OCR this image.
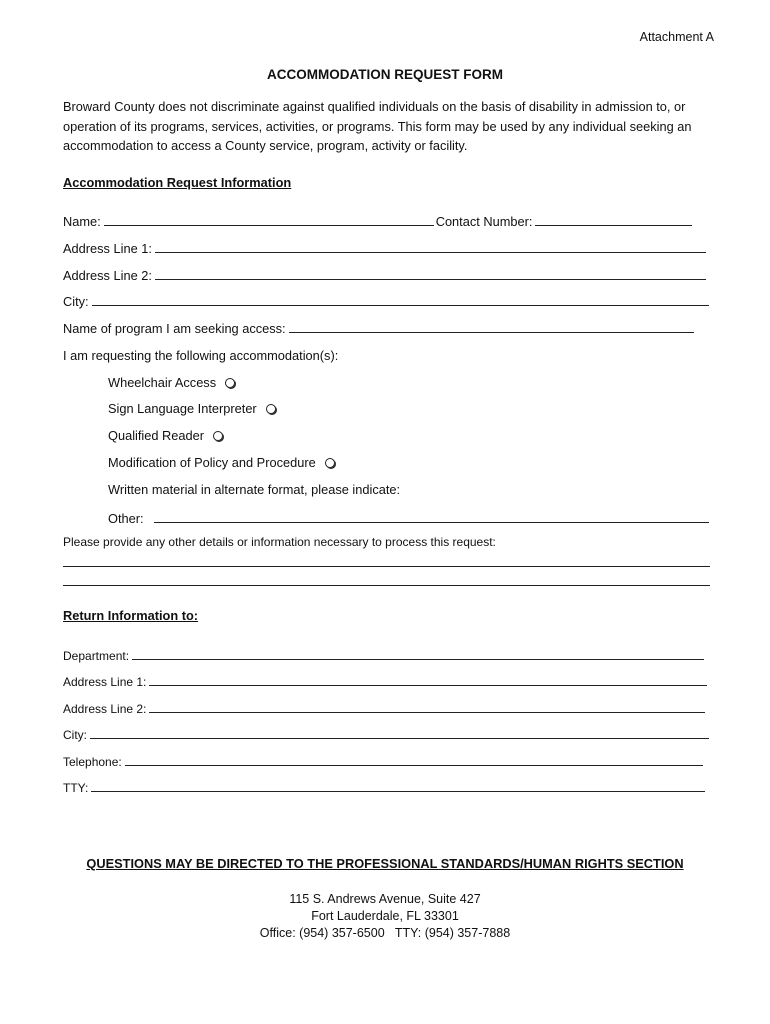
Attachment A
ACCOMMODATION REQUEST FORM
Broward County does not discriminate against qualified individuals on the basis of disability in admission to, or operation of its programs, services, activities, or programs. This form may be used by any individual seeking an accommodation to access a County service, program, activity or facility.
Accommodation Request Information
Name:	Contact Number:
Address Line 1:
Address Line 2:
City:
Name of program I am seeking access:
I am requesting the following accommodation(s):
Wheelchair Access
Sign Language Interpreter
Qualified Reader
Modification of Policy and Procedure
Written material in alternate format, please indicate:
Other:
Please provide any other details or information necessary to process this request:
Return Information to:
Department:
Address Line 1:
Address Line 2:
City:
Telephone:
TTY:
QUESTIONS MAY BE DIRECTED TO THE PROFESSIONAL STANDARDS/HUMAN RIGHTS SECTION
115 S. Andrews Avenue, Suite 427
Fort Lauderdale, FL 33301
Office: (954) 357-6500   TTY: (954) 357-7888
